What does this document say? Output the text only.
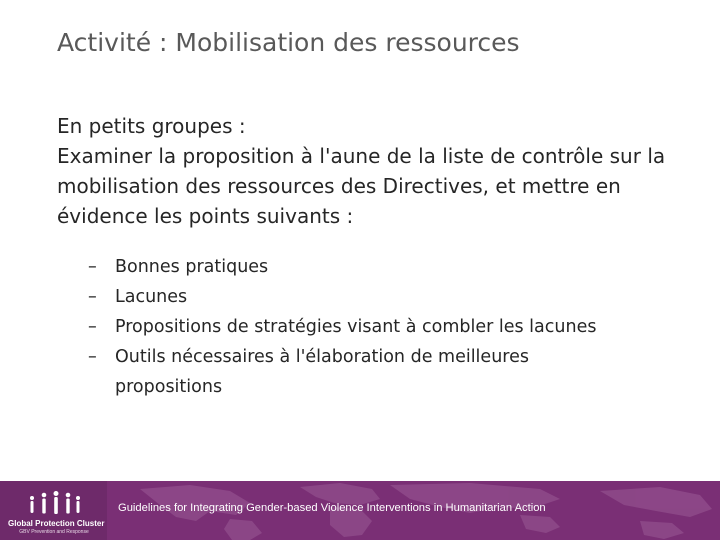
Activité : Mobilisation des ressources

En petits groupes :

Examiner la proposition à l'aune de la liste de contrôle sur la mobilisation des ressources des Directives, et mettre en évidence les points suivants :

– Bonnes pratiques
– Lacunes
– Propositions de stratégies visant à combler les lacunes
– Outils nécessaires à l'élaboration de meilleures propositions
Global Protection Cluster
GBV Prevention and Response
Guidelines for Integrating Gender-based Violence Interventions in Humanitarian Action
